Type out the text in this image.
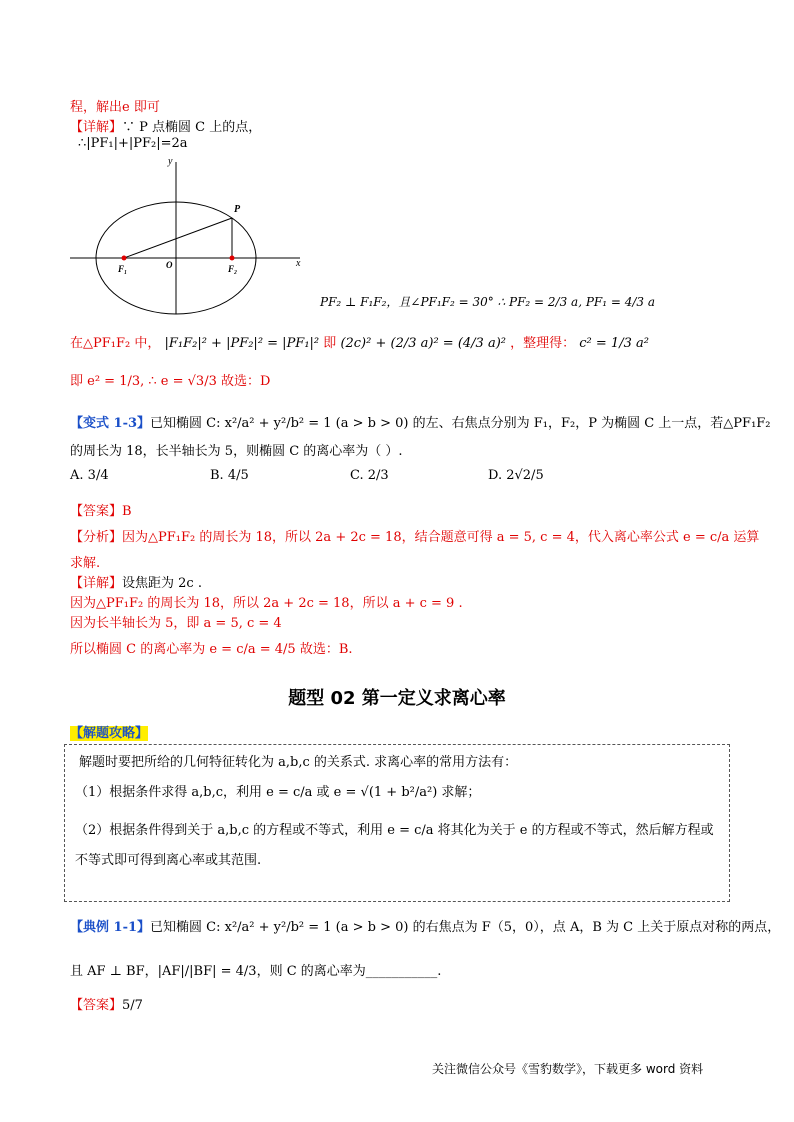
程，解出e 即可
【详解】∵ P 点椭圆 C 上的点，
∴|PF₁|+|PF₂|=2a
y
x
P
F₁	O	F₂
PF₂ ⊥ F₁F₂，且∠PF₁F₂ = 30° ∴ PF₂ = 2/3 a, PF₁ = 4/3 a
在△PF₁F₂ 中， |F₁F₂|² + |PF₂|² = |PF₁|² 即 (2c)² + (2/3 a)² = (4/3 a)² ，整理得： c² = 1/3 a²
即 e² = 1/3, ∴ e = √3/3 故选：D
【变式 1-3】已知椭圆 C: x²/a² + y²/b² = 1 (a > b > 0) 的左、右焦点分别为 F₁，F₂，P 为椭圆 C 上一点，若△PF₁F₂
的周长为 18，长半轴长为 5，则椭圆 C 的离心率为（ ）.
A. 3/4	B. 4/5	C. 2/3	D. 2√2/5
【答案】B
【分析】因为△PF₁F₂ 的周长为 18，所以 2a + 2c = 18，结合题意可得 a = 5, c = 4，代入离心率公式 e = c/a 运算
求解.
【详解】设焦距为 2c .
因为△PF₁F₂ 的周长为 18，所以 2a + 2c = 18，所以 a + c = 9 .
因为长半轴长为 5，即 a = 5, c = 4
所以椭圆 C 的离心率为 e = c/a = 4/5 故选：B.
题型 02 第一定义求离心率
【解题攻略】
解题时要把所给的几何特征转化为 a,b,c 的关系式. 求离心率的常用方法有：
（1）根据条件求得 a,b,c，利用 e = c/a 或 e = √(1 + b²/a²) 求解；
（2）根据条件得到关于 a,b,c 的方程或不等式，利用 e = c/a 将其化为关于 e 的方程或不等式，然后解方程或
不等式即可得到离心率或其范围.
【典例 1-1】已知椭圆 C: x²/a² + y²/b² = 1 (a > b > 0) 的右焦点为 F（5，0），点 A，B 为 C 上关于原点对称的两点，
且 AF ⊥ BF，|AF|/|BF| = 4/3，则 C 的离心率为___________.
【答案】5/7
关注微信公众号《雪豹数学》，下载更多 word 资料
